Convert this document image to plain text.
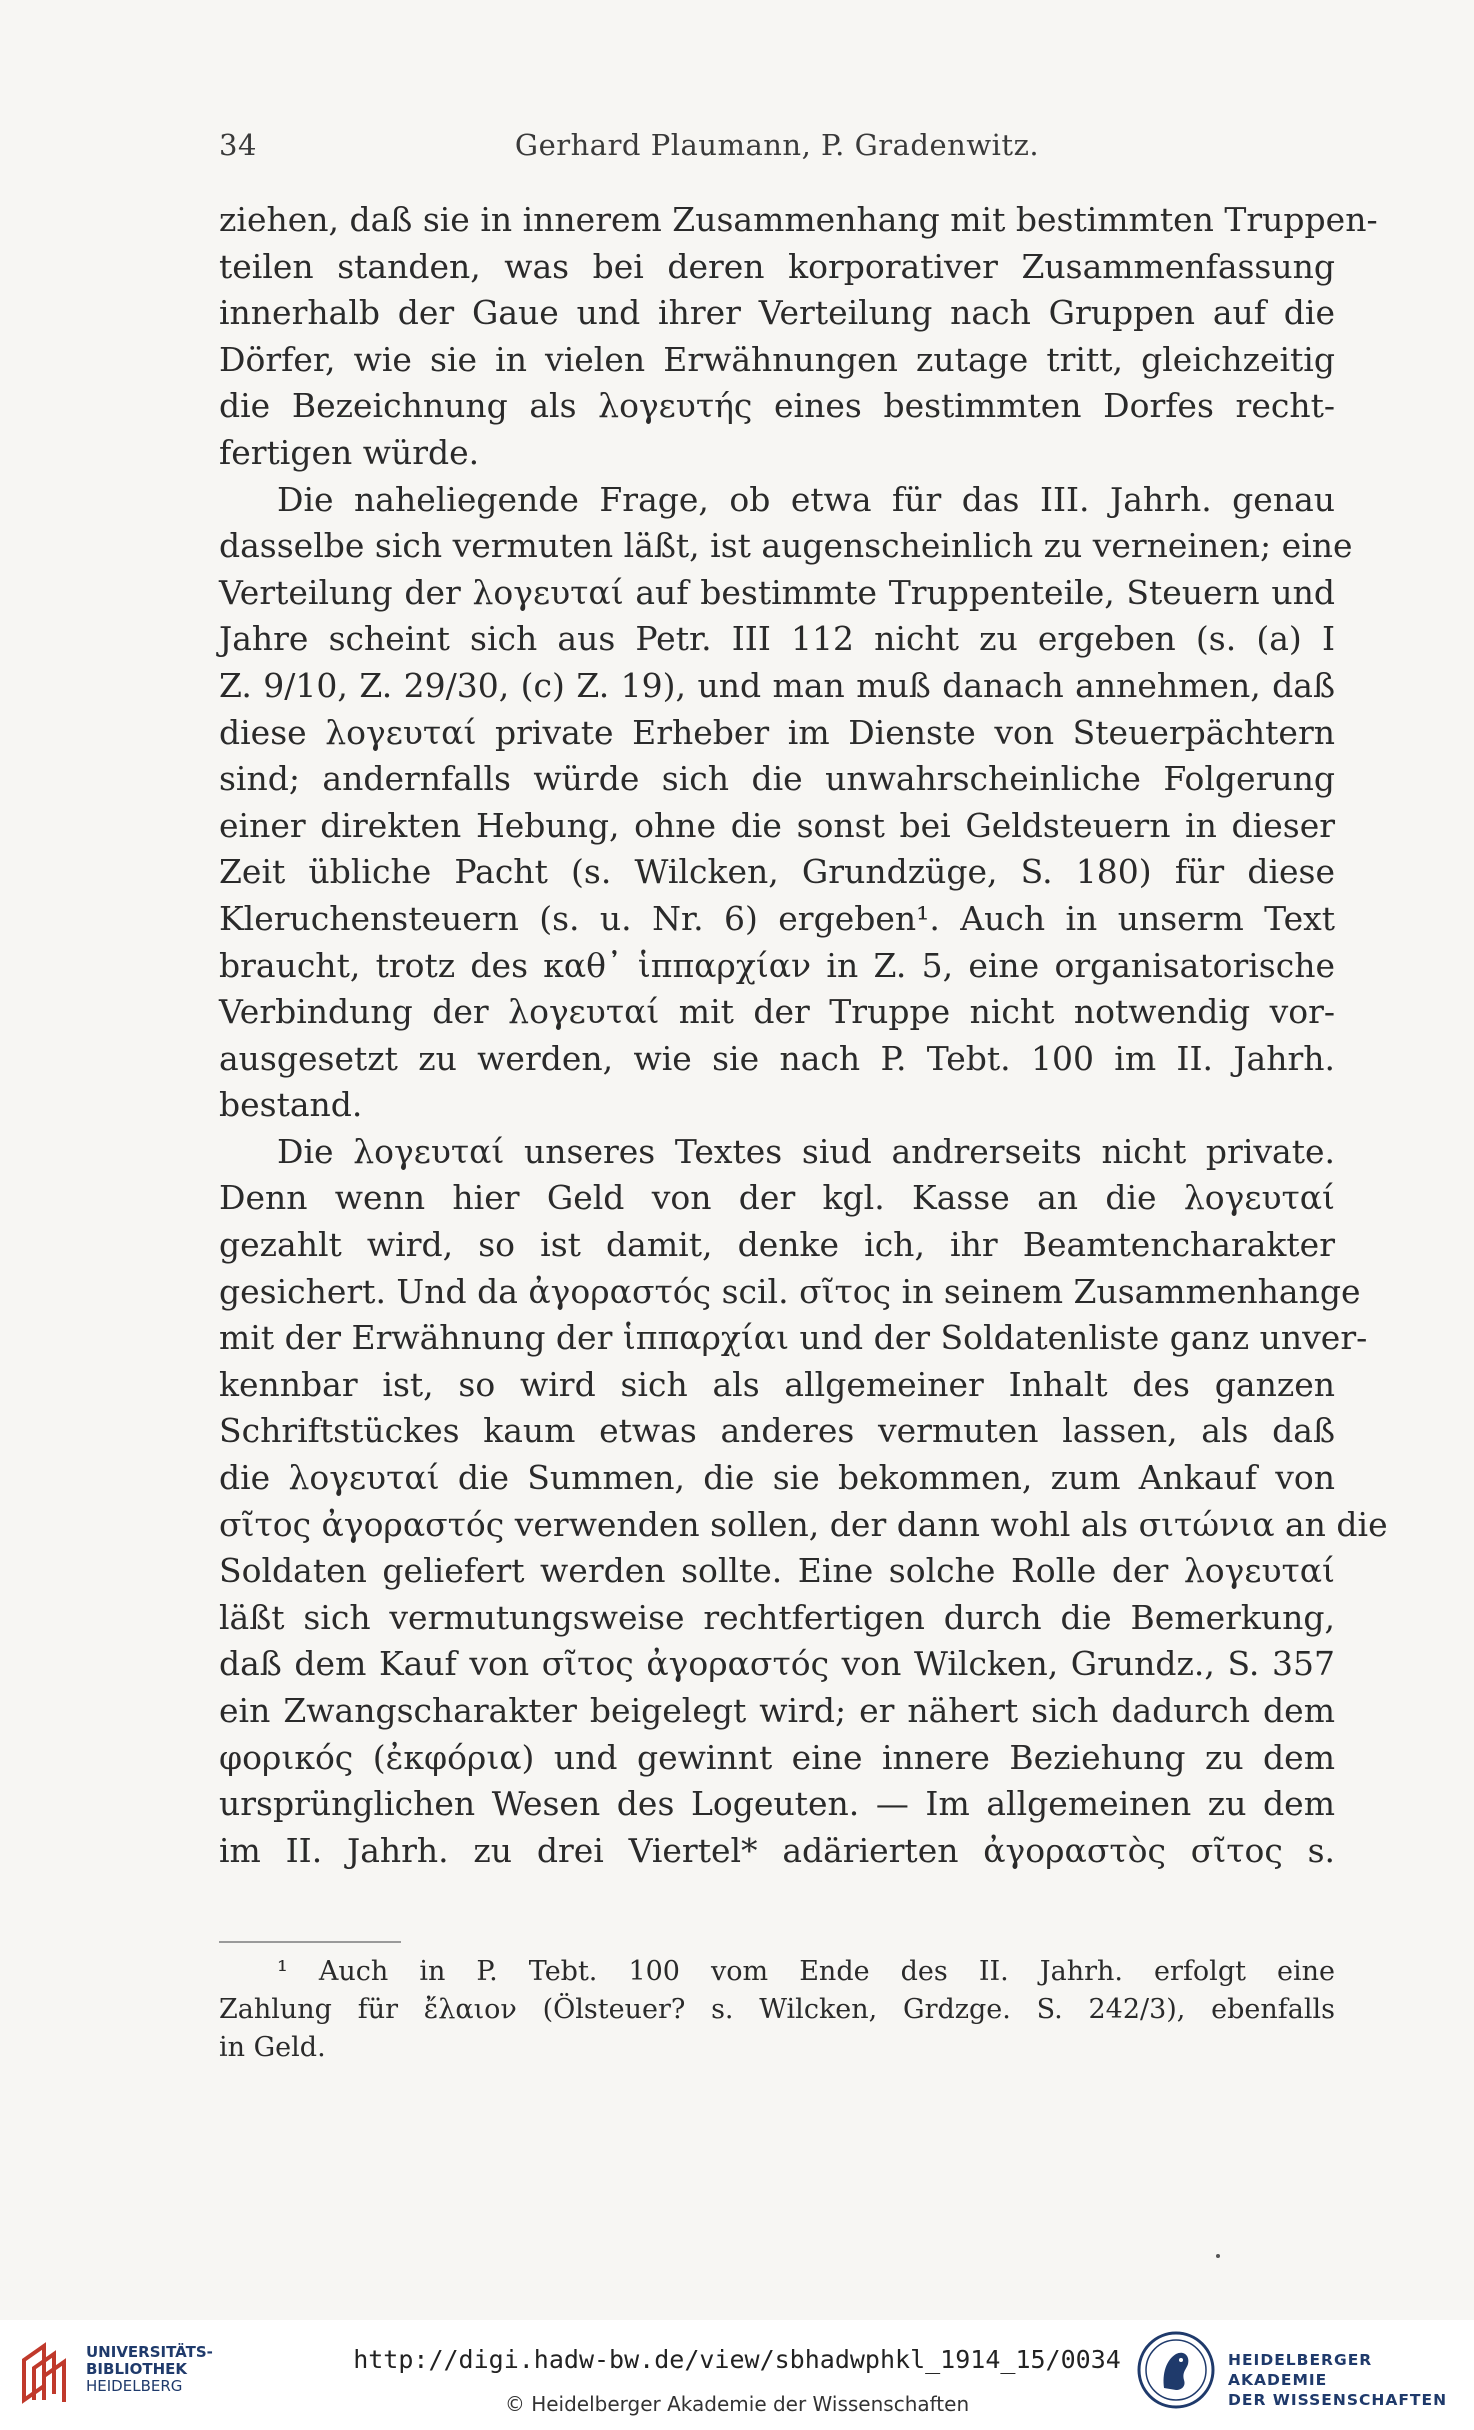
34	Gerhard Plaumann, P. Gradenwitz.
ziehen, daß sie in innerem Zusammenhang mit bestimmten Truppen-
teilen standen, was bei deren korporativer Zusammenfassung
innerhalb der Gaue und ihrer Verteilung nach Gruppen auf die
Dörfer, wie sie in vielen Erwähnungen zutage tritt, gleichzeitig
die Bezeichnung als λογευτής eines bestimmten Dorfes recht-
fertigen würde.
Die naheliegende Frage, ob etwa für das III. Jahrh. genau
dasselbe sich vermuten läßt, ist augenscheinlich zu verneinen; eine
Verteilung der λογευταί auf bestimmte Truppenteile, Steuern und
Jahre scheint sich aus Petr. III 112 nicht zu ergeben (s. (a) I
Z. 9/10, Z. 29/30, (c) Z. 19), und man muß danach annehmen, daß
diese λογευταί private Erheber im Dienste von Steuerpächtern
sind; andernfalls würde sich die unwahrscheinliche Folgerung
einer direkten Hebung, ohne die sonst bei Geldsteuern in dieser
Zeit übliche Pacht (s. Wilcken, Grundzüge, S. 180) für diese
Kleruchensteuern (s. u. Nr. 6) ergeben¹. Auch in unserm Text
braucht, trotz des καθ᾽ ἱππαρχίαν in Z. 5, eine organisatorische
Verbindung der λογευταί mit der Truppe nicht notwendig vor-
ausgesetzt zu werden, wie sie nach P. Tebt. 100 im II. Jahrh.
bestand.
Die λογευταί unseres Textes siud andrerseits nicht private.
Denn wenn hier Geld von der kgl. Kasse an die λογευταί
gezahlt wird, so ist damit, denke ich, ihr Beamtencharakter
gesichert. Und da ἀγοραστός scil. σῖτος in seinem Zusammenhange
mit der Erwähnung der ἱππαρχίαι und der Soldatenliste ganz unver-
kennbar ist, so wird sich als allgemeiner Inhalt des ganzen
Schriftstückes kaum etwas anderes vermuten lassen, als daß
die λογευταί die Summen, die sie bekommen, zum Ankauf von
σῖτος ἀγοραστός verwenden sollen, der dann wohl als σιτώνια an die
Soldaten geliefert werden sollte. Eine solche Rolle der λογευταί
läßt sich vermutungsweise rechtfertigen durch die Bemerkung,
daß dem Kauf von σῖτος ἀγοραστός von Wilcken, Grundz., S. 357
ein Zwangscharakter beigelegt wird; er nähert sich dadurch dem
φορικός (ἐκφόρια) und gewinnt eine innere Beziehung zu dem
ursprünglichen Wesen des Logeuten. — Im allgemeinen zu dem
im II. Jahrh. zu drei Viertel* adärierten ἀγοραστὸς σῖτος s.
¹ Auch in P. Tebt. 100 vom Ende des II. Jahrh. erfolgt eine
Zahlung für ἔλαιον (Ölsteuer? s. Wilcken, Grdzge. S. 242/3), ebenfalls
in Geld.
UNIVERSITÄTS-
BIBLIOTHEK
HEIDELBERG
http://digi.hadw-bw.de/view/sbhadwphkl_1914_15/0034
© Heidelberger Akademie der Wissenschaften
HEIDELBERGER AKADEMIE
DER WISSENSCHAFTEN
